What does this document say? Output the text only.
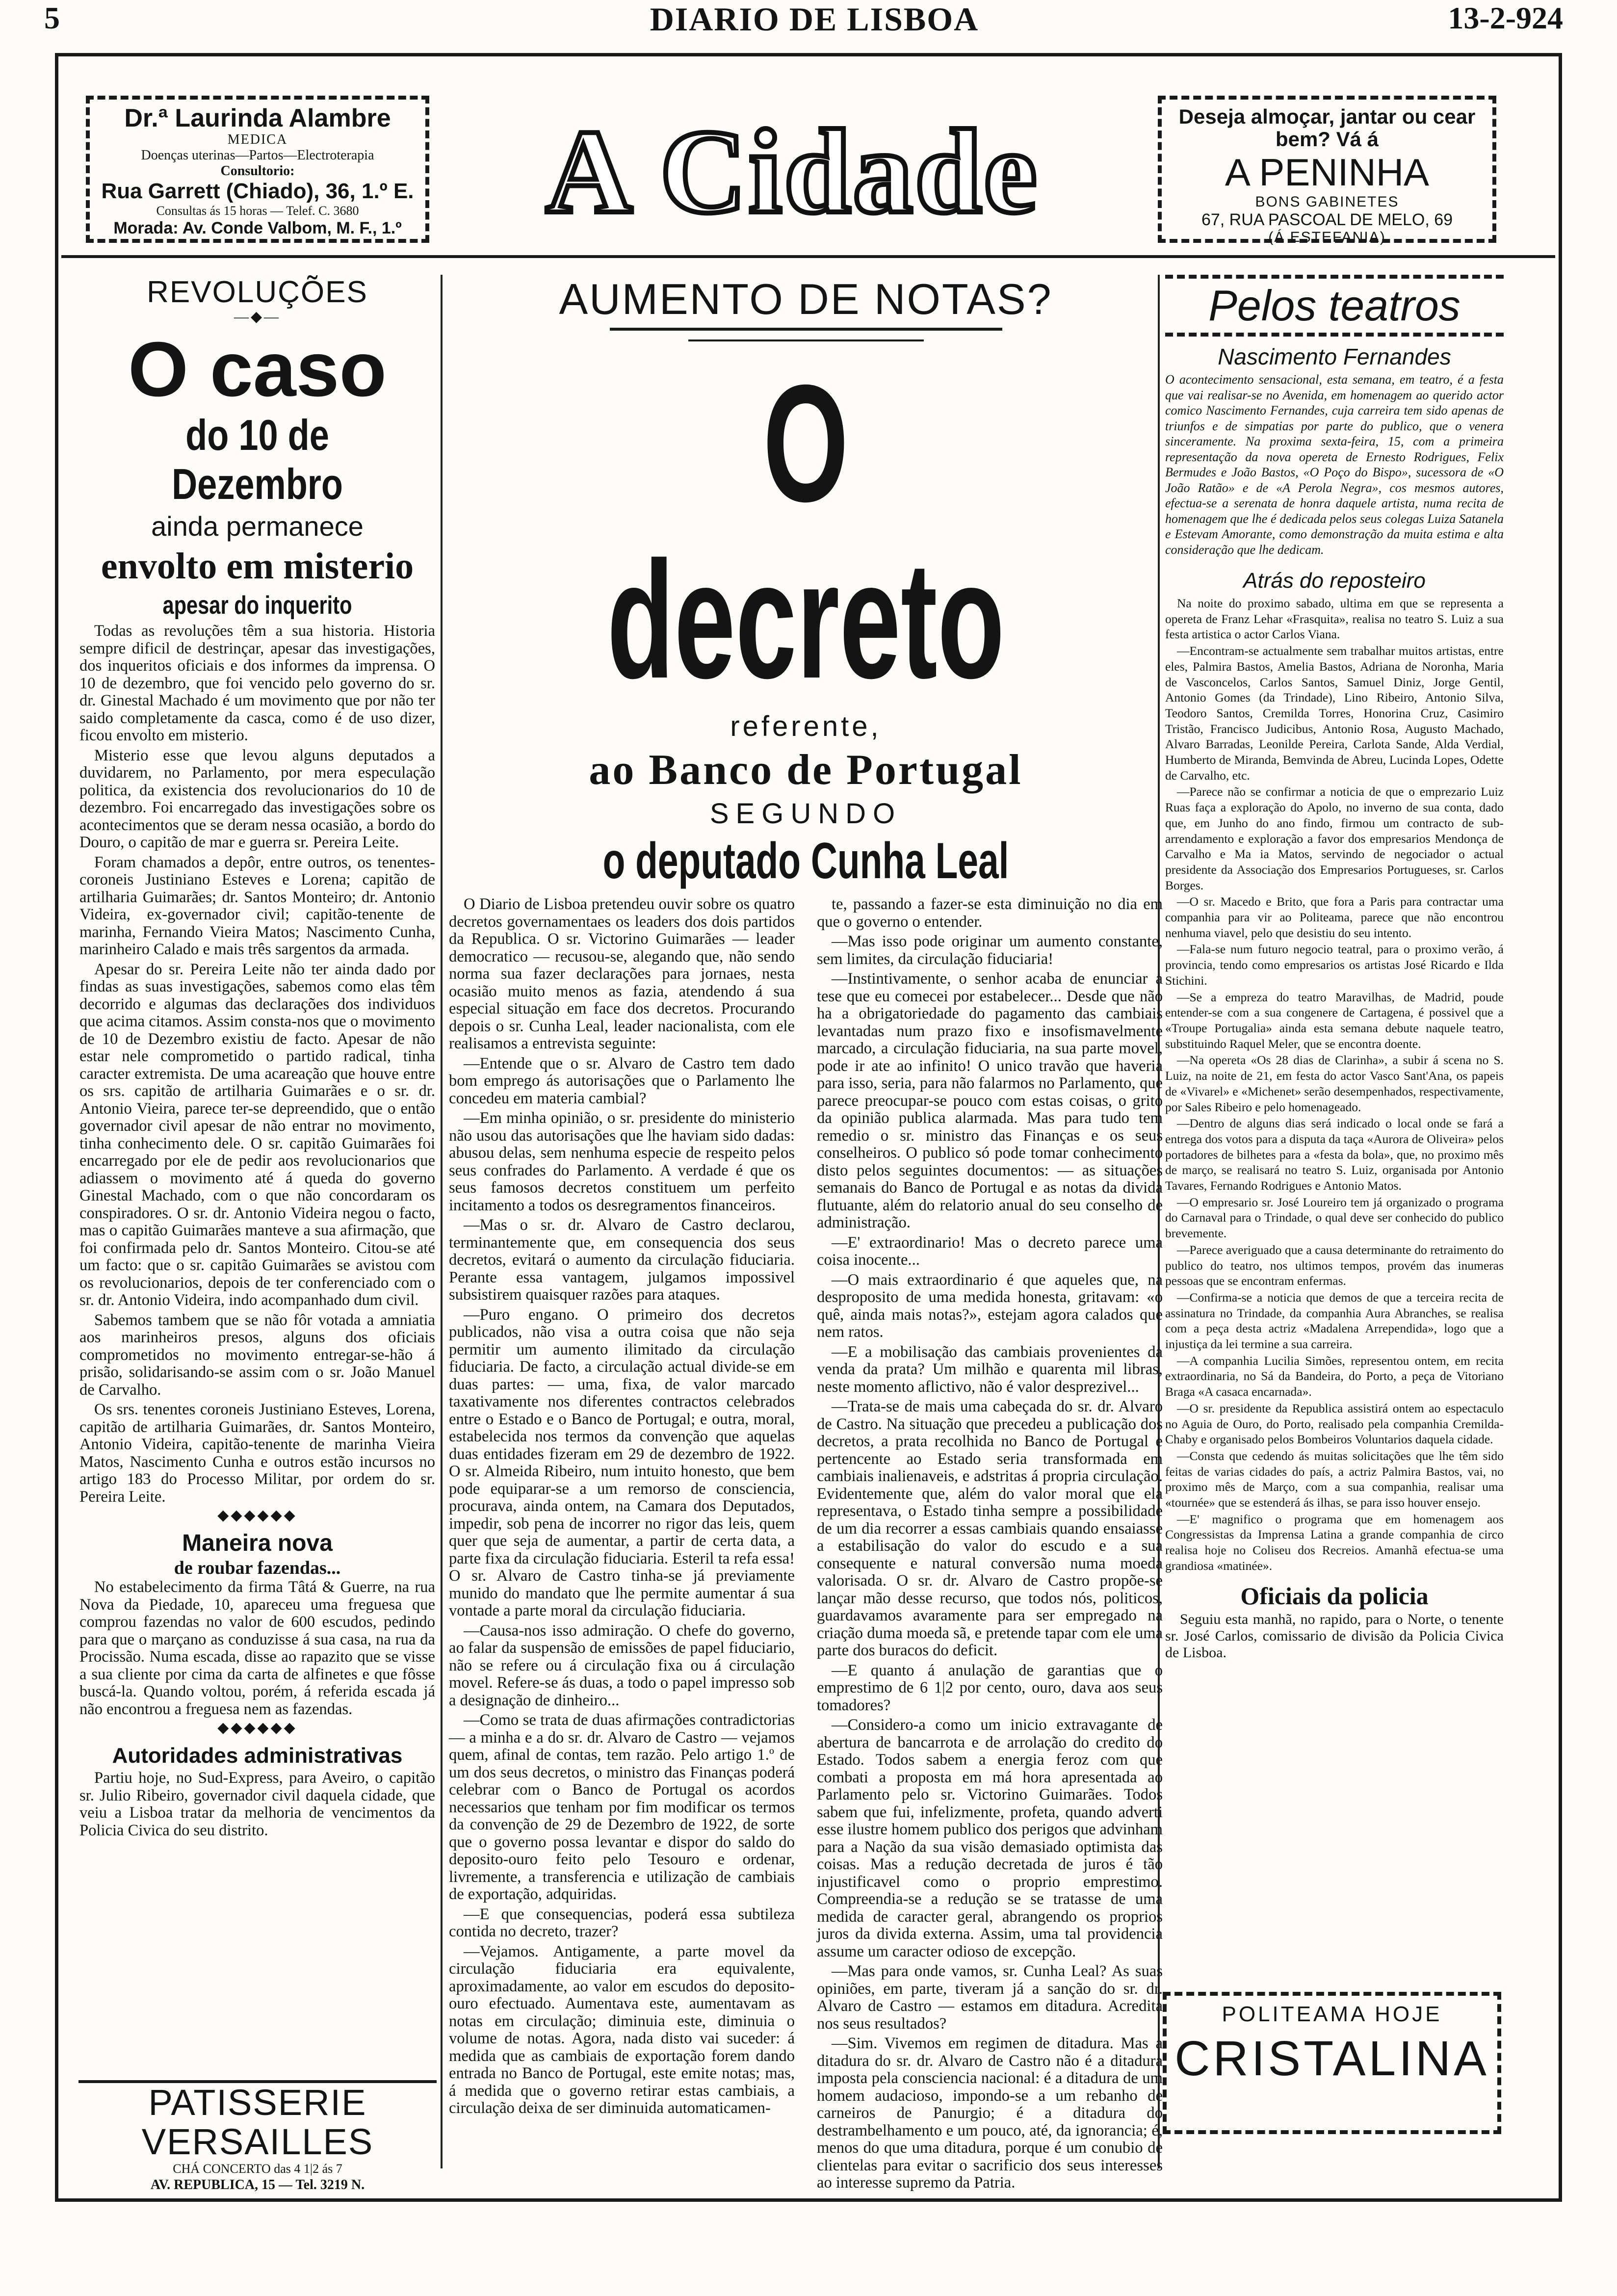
5	DIARIO DE LISBOA	13-2-924
Dr.ª Laurinda Alambre
MEDICA
Doenças uterinas—Partos—Electroterapia
Consultorio:
Rua Garrett (Chiado), 36, 1.º E.
Consultas ás 15 horas — Telef. C. 3680
Morada: Av. Conde Valbom, M. F., 1.º	A Cidade	Deseja almoçar, jantar ou cear
bem? Vá á
A PENINHA
BONS GABINETES
67, RUA PASCOAL DE MELO, 69
(Á ESTEFANIA)
REVOLUÇÕES
—◆—
O caso
do 10 de Dezembro
ainda permanece
envolto em misterio
apesar do inquerito

Todas as revoluções têm a sua historia. Historia sempre dificil de destrinçar, apesar das investigações, dos inqueritos oficiais e dos informes da imprensa. O 10 de dezembro, que foi vencido pelo governo do sr. dr. Ginestal Machado é um movimento que por não ter saido completamente da casca, como é de uso dizer, ficou envolto em misterio.

Misterio esse que levou alguns deputados a duvidarem, no Parlamento, por mera especulação politica, da existencia dos revolucionarios do 10 de dezembro. Foi encarregado das investigações sobre os acontecimentos que se deram nessa ocasião, a bordo do Douro, o capitão de mar e guerra sr. Pereira Leite.

Foram chamados a depôr, entre outros, os tenentes-coroneis Justiniano Esteves e Lorena; capitão de artilharia Guimarães; dr. Santos Monteiro; dr. Antonio Videira, ex-governador civil; capitão-tenente de marinha, Fernando Vieira Matos; Nascimento Cunha, marinheiro Calado e mais três sargentos da armada.

Apesar do sr. Pereira Leite não ter ainda dado por findas as suas investigações, sabemos como elas têm decorrido e algumas das declarações dos individuos que acima citamos. Assim consta-nos que o movimento de 10 de Dezembro existiu de facto. Apesar de não estar nele comprometido o partido radical, tinha caracter extremista. De uma acareação que houve entre os srs. capitão de artilharia Guimarães e o sr. dr. Antonio Vieira, parece ter-se depreendido, que o então governador civil apesar de não entrar no movimento, tinha conhecimento dele. O sr. capitão Guimarães foi encarregado por ele de pedir aos revolucionarios que adiassem o movimento até á queda do governo Ginestal Machado, com o que não concordaram os conspiradores. O sr. dr. Antonio Videira negou o facto, mas o capitão Guimarães manteve a sua afirmação, que foi confirmada pelo dr. Santos Monteiro. Citou-se até um facto: que o sr. capitão Guimarães se avistou com os revolucionarios, depois de ter conferenciado com o sr. dr. Antonio Videira, indo acompanhado dum civil.

Sabemos tambem que se não fôr votada a amniatia aos marinheiros presos, alguns dos oficiais comprometidos no movimento entregar-se-hão á prisão, solidarisando-se assim com o sr. João Manuel de Carvalho.

Os srs. tenentes coroneis Justiniano Esteves, Lorena, capitão de artilharia Guimarães, dr. Santos Monteiro, Antonio Videira, capitão-tenente de marinha Vieira Matos, Nascimento Cunha e outros estão incursos no artigo 183 do Processo Militar, por ordem do sr. Pereira Leite.

◆◆◆◆◆◆
Maneira nova
de roubar fazendas...

No estabelecimento da firma Tâtá & Guerre, na rua Nova da Piedade, 10, apareceu uma freguesa que comprou fazendas no valor de 600 escudos, pedindo para que o marçano as conduzisse á sua casa, na rua da Procissão. Numa escada, disse ao rapazito que se visse a sua cliente por cima da carta de alfinetes e que fôsse buscá-la. Quando voltou, porém, á referida escada já não encontrou a freguesa nem as fazendas.

◆◆◆◆◆◆
Autoridades administrativas

Partiu hoje, no Sud-Express, para Aveiro, o capitão sr. Julio Ribeiro, governador civil daquela cidade, que veiu a Lisboa tratar da melhoria de vencimentos da Policia Civica do seu distrito.

AUMENTO DE NOTAS?
O decreto
referente,
ao Banco de Portugal
SEGUNDO
o deputado Cunha Leal

O Diario de Lisboa pretendeu ouvir sobre os quatro decretos governamentaes os leaders dos dois partidos da Republica. O sr. Victorino Guimarães — leader democratico — recusou-se, alegando que, não sendo norma sua fazer declarações para jornaes, nesta ocasião muito menos as fazia, atendendo á sua especial situação em face dos decretos. Procurando depois o sr. Cunha Leal, leader nacionalista, com ele realisamos a entrevista seguinte:

—Entende que o sr. Alvaro de Castro tem dado bom emprego ás autorisações que o Parlamento lhe concedeu em materia cambial?

—Em minha opinião, o sr. presidente do ministerio não usou das autorisações que lhe haviam sido dadas: abusou delas, sem nenhuma especie de respeito pelos seus confrades do Parlamento. A verdade é que os seus famosos decretos constituem um perfeito incitamento a todos os desregramentos financeiros.

—Mas o sr. dr. Alvaro de Castro declarou, terminantemente que, em consequencia dos seus decretos, evitará o aumento da circulação fiduciaria. Perante essa vantagem, julgamos impossivel subsistirem quaisquer razões para ataques.

—Puro engano. O primeiro dos decretos publicados, não visa a outra coisa que não seja permitir um aumento ilimitado da circulação fiduciaria. De facto, a circulação actual divide-se em duas partes: — uma, fixa, de valor marcado taxativamente nos diferentes contractos celebrados entre o Estado e o Banco de Portugal; e outra, moral, estabelecida nos termos da convenção que aquelas duas entidades fizeram em 29 de dezembro de 1922. O sr. Almeida Ribeiro, num intuito honesto, que bem pode equiparar-se a um remorso de consciencia, procurava, ainda ontem, na Camara dos Deputados, impedir, sob pena de incorrer no rigor das leis, quem quer que seja de aumentar, a partir de certa data, a parte fixa da circulação fiduciaria. Esteril ta refa essa! O sr. Alvaro de Castro tinha-se já previamente munido do mandato que lhe permite aumentar á sua vontade a parte moral da circulação fiduciaria.

—Causa-nos isso admiração. O chefe do governo, ao falar da suspensão de emissões de papel fiduciario, não se refere ou á circulação fixa ou á circulação movel. Refere-se ás duas, a todo o papel impresso sob a designação de dinheiro...

—Como se trata de duas afirmações contradictorias — a minha e a do sr. dr. Alvaro de Castro — vejamos quem, afinal de contas, tem razão. Pelo artigo 1.º de um dos seus decretos, o ministro das Finanças poderá celebrar com o Banco de Portugal os acordos necessarios que tenham por fim modificar os termos da convenção de 29 de Dezembro de 1922, de sorte que o governo possa levantar e dispor do saldo do deposito-ouro feito pelo Tesouro e ordenar, livremente, a transferencia e utilização de cambiais de exportação, adquiridas.

—E que consequencias, poderá essa subtileza contida no decreto, trazer?

—Vejamos. Antigamente, a parte movel da circulação fiduciaria era equivalente, aproximadamente, ao valor em escudos do deposito-ouro efectuado. Aumentava este, aumentavam as notas em circulação; diminuia este, diminuia o volume de notas. Agora, nada disto vai suceder: á medida que as cambiais de exportação forem dando entrada no Banco de Portugal, este emite notas; mas, á medida que o governo retirar estas cambiais, a circulação deixa de ser diminuida automaticamen-

te, passando a fazer-se esta diminuição no dia em que o governo o entender.

—Mas isso pode originar um aumento constante, sem limites, da circulação fiduciaria!

—Instintivamente, o senhor acaba de enunciar a tese que eu comecei por estabelecer... Desde que não ha a obrigatoriedade do pagamento das cambiais levantadas num prazo fixo e insofismavelmente marcado, a circulação fiduciaria, na sua parte movel, pode ir ate ao infinito! O unico travão que haveria para isso, seria, para não falarmos no Parlamento, que parece preocupar-se pouco com estas coisas, o grito da opinião publica alarmada. Mas para tudo tem remedio o sr. ministro das Finanças e os seus conselheiros. O publico só pode tomar conhecimento disto pelos seguintes documentos: — as situações semanais do Banco de Portugal e as notas da divida flutuante, além do relatorio anual do seu conselho de administração.

—E' extraordinario! Mas o decreto parece uma coisa inocente...

—O mais extraordinario é que aqueles que, na desproposito de uma medida honesta, gritavam: «o quê, ainda mais notas?», estejam agora calados que nem ratos.

—E a mobilisação das cambiais provenientes da venda da prata? Um milhão e quarenta mil libras, neste momento aflictivo, não é valor desprezivel...

—Trata-se de mais uma cabeçada do sr. dr. Alvaro de Castro. Na situação que precedeu a publicação dos decretos, a prata recolhida no Banco de Portugal e pertencente ao Estado seria transformada em cambiais inalienaveis, e adstritas á propria circulação. Evidentemente que, além do valor moral que ela representava, o Estado tinha sempre a possibilidade de um dia recorrer a essas cambiais quando ensaiasse a estabilisação do valor do escudo e a sua consequente e natural conversão numa moeda valorisada. O sr. dr. Alvaro de Castro propõe-se lançar mão desse recurso, que todos nós, politicos, guardavamos avaramente para ser empregado na criação duma moeda sã, e pretende tapar com ele uma parte dos buracos do deficit.

—E quanto á anulação de garantias que o emprestimo de 6 1|2 por cento, ouro, dava aos seus tomadores?

—Considero-a como um inicio extravagante de abertura de bancarrota e de arrolação do credito do Estado. Todos sabem a energia feroz com que combati a proposta em má hora apresentada ao Parlamento pelo sr. Victorino Guimarães. Todos sabem que fui, infelizmente, profeta, quando adverti esse ilustre homem publico dos perigos que advinham para a Nação da sua visão demasiado optimista das coisas. Mas a redução decretada de juros é tão injustificavel como o proprio emprestimo. Compreendia-se a redução se se tratasse de uma medida de caracter geral, abrangendo os proprios juros da divida externa. Assim, uma tal providencia assume um caracter odioso de excepção.

—Mas para onde vamos, sr. Cunha Leal? As suas opiniões, em parte, tiveram já a sanção do sr. dr. Alvaro de Castro — estamos em ditadura. Acredita nos seus resultados?

—Sim. Vivemos em regimen de ditadura. Mas a ditadura do sr. dr. Alvaro de Castro não é a ditadura imposta pela consciencia nacional: é a ditadura de um homem audacioso, impondo-se a um rebanho de carneiros de Panurgio; é a ditadura do destrambelhamento e um pouco, até, da ignorancia; é, menos do que uma ditadura, porque é um conubio de clientelas para evitar o sacrificio dos seus interesses ao interesse supremo da Patria.

Pelos teatros
Nascimento Fernandes
O acontecimento sensacional, esta semana, em teatro, é a festa que vai realisar-se no Avenida, em homenagem ao querido actor comico Nascimento Fernandes, cuja carreira tem sido apenas de triunfos e de simpatias por parte do publico, que o venera sinceramente. Na proxima sexta-feira, 15, com a primeira representação da nova opereta de Ernesto Rodrigues, Felix Bermudes e João Bastos, «O Poço do Bispo», sucessora de «O João Ratão» e de «A Perola Negra», cos mesmos autores, efectua-se a serenata de honra daquele artista, numa recita de homenagem que lhe é dedicada pelos seus colegas Luiza Satanela e Estevam Amorante, como demonstração da muita estima e alta consideração que lhe dedicam.
Atrás do reposteiro

Na noite do proximo sabado, ultima em que se representa a opereta de Franz Lehar «Frasquita», realisa no teatro S. Luiz a sua festa artistica o actor Carlos Viana.

—Encontram-se actualmente sem trabalhar muitos artistas, entre eles, Palmira Bastos, Amelia Bastos, Adriana de Noronha, Maria de Vasconcelos, Carlos Santos, Samuel Diniz, Jorge Gentil, Antonio Gomes (da Trindade), Lino Ribeiro, Antonio Silva, Teodoro Santos, Cremilda Torres, Honorina Cruz, Casimiro Tristão, Francisco Judicibus, Antonio Rosa, Augusto Machado, Alvaro Barradas, Leonilde Pereira, Carlota Sande, Alda Verdial, Humberto de Miranda, Bemvinda de Abreu, Lucinda Lopes, Odette de Carvalho, etc.

—Parece não se confirmar a noticia de que o emprezario Luiz Ruas faça a exploração do Apolo, no inverno de sua conta, dado que, em Junho do ano findo, firmou um contracto de sub-arrendamento e exploração a favor dos empresarios Mendonça de Carvalho e Ma ia Matos, servindo de negociador o actual presidente da Associação dos Empresarios Portugueses, sr. Carlos Borges.

—O sr. Macedo e Brito, que fora a Paris para contractar uma companhia para vir ao Politeama, parece que não encontrou nenhuma viavel, pelo que desistiu do seu intento.

—Fala-se num futuro negocio teatral, para o proximo verão, á provincia, tendo como empresarios os artistas José Ricardo e Ilda Stichini.

—Se a empreza do teatro Maravilhas, de Madrid, poude entender-se com a sua congenere de Cartagena, é possivel que a «Troupe Portugalia» ainda esta semana debute naquele teatro, substituindo Raquel Meler, que se encontra doente.

—Na opereta «Os 28 dias de Clarinha», a subir á scena no S. Luiz, na noite de 21, em festa do actor Vasco Sant'Ana, os papeis de «Vivarel» e «Michenet» serão desempenhados, respectivamente, por Sales Ribeiro e pelo homenageado.

—Dentro de alguns dias será indicado o local onde se fará a entrega dos votos para a disputa da taça «Aurora de Oliveira» pelos portadores de bilhetes para a «festa da bola», que, no proximo mês de março, se realisará no teatro S. Luiz, organisada por Antonio Tavares, Fernando Rodrigues e Antonio Matos.

—O empresario sr. José Loureiro tem já organizado o programa do Carnaval para o Trindade, o qual deve ser conhecido do publico brevemente.

—Parece averiguado que a causa determinante do retraimento do publico do teatro, nos ultimos tempos, provém das inumeras pessoas que se encontram enfermas.

—Confirma-se a noticia que demos de que a terceira recita de assinatura no Trindade, da companhia Aura Abranches, se realisa com a peça desta actriz «Madalena Arrependida», logo que a injustiça da lei termine a sua carreira.

—A companhia Lucilia Simões, representou ontem, em recita extraordinaria, no Sá da Bandeira, do Porto, a peça de Vitoriano Braga «A casaca encarnada».

—O sr. presidente da Republica assistirá ontem ao espectaculo no Aguia de Ouro, do Porto, realisado pela companhia Cremilda-Chaby e organisado pelos Bombeiros Voluntarios daquela cidade.

—Consta que cedendo ás muitas solicitações que lhe têm sido feitas de varias cidades do país, a actriz Palmira Bastos, vai, no proximo mês de Março, com a sua companhia, realisar uma «tournée» que se estenderá ás ilhas, se para isso houver ensejo.

—E' magnifico o programa que em homenagem aos Congressistas da Imprensa Latina a grande companhia de circo realisa hoje no Coliseu dos Recreios. Amanhã efectua-se uma grandiosa «matinée».

Oficiais da policia

Seguiu esta manhã, no rapido, para o Norte, o tenente sr. José Carlos, comissario de divisão da Policia Civica de Lisboa.

PATISSERIE VERSAILLES
CHÁ CONCERTO das 4 1|2 ás 7
AV. REPUBLICA, 15 — Tel. 3219 N.
POLITEAMA HOJE
CRISTALINA
